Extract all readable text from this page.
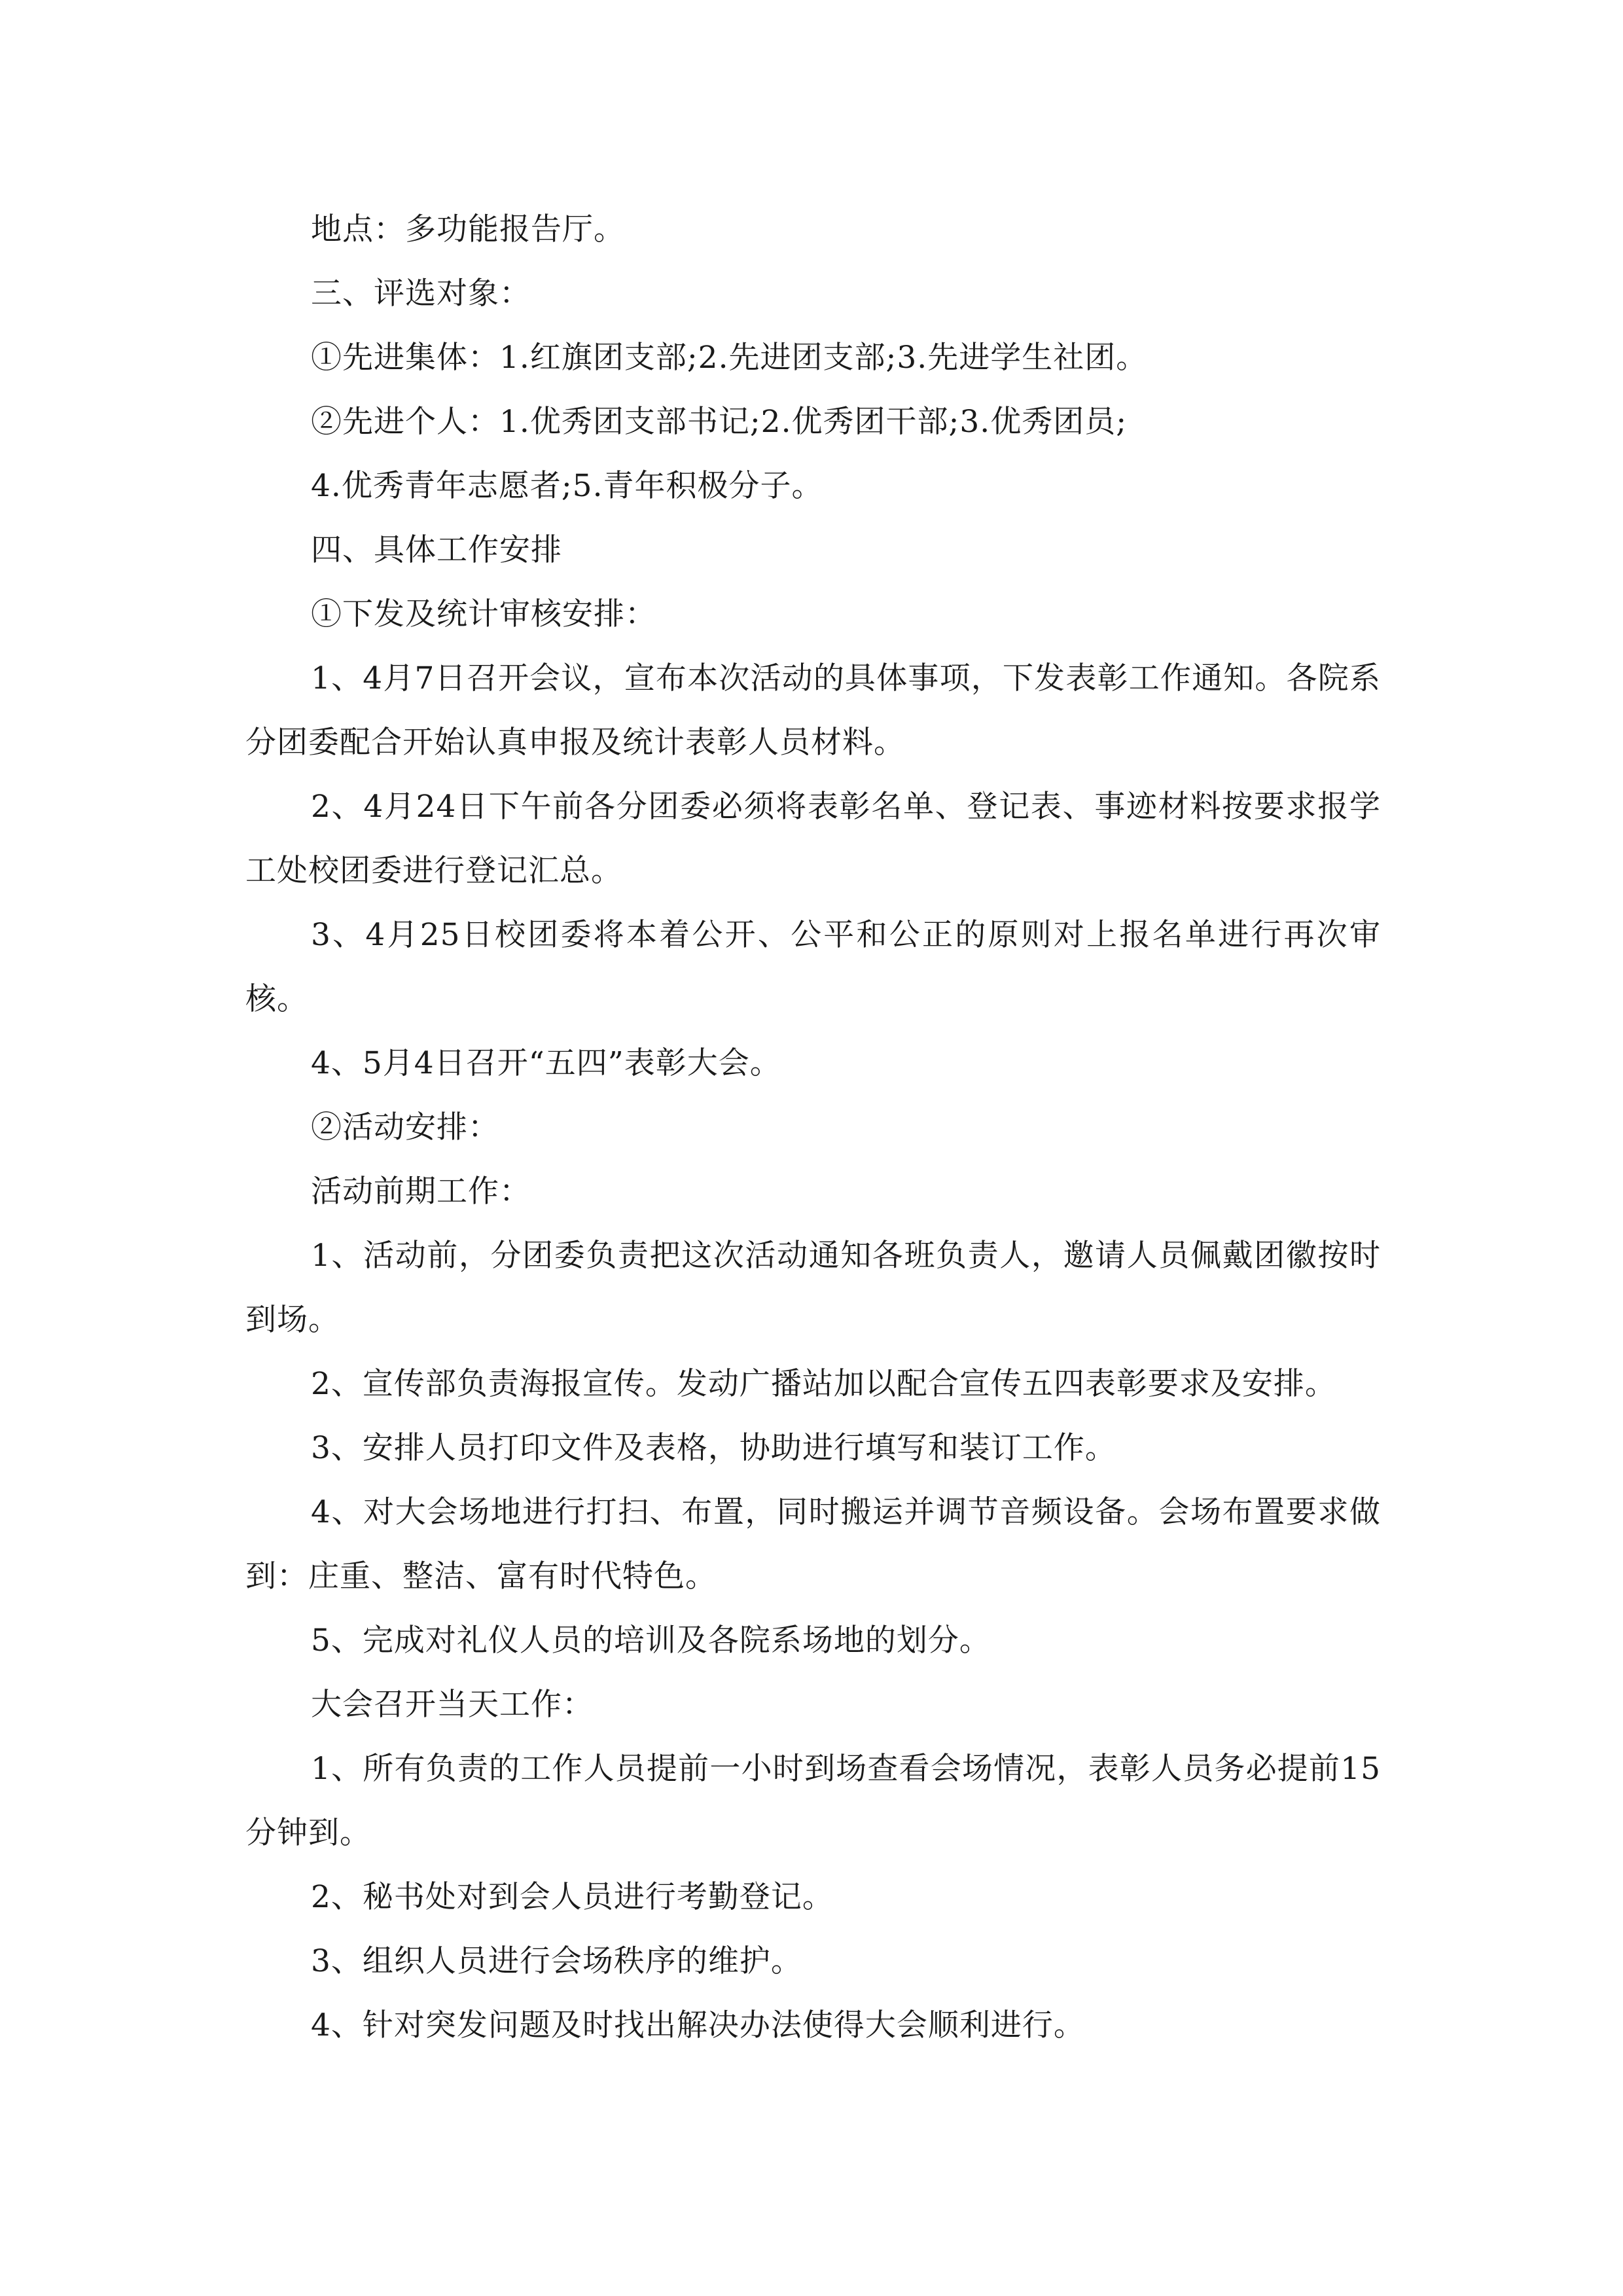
地点：多功能报告厅。

三、评选对象：

①先进集体：1.红旗团支部;2.先进团支部;3.先进学生社团。

②先进个人：1.优秀团支部书记;2.优秀团干部;3.优秀团员;

4.优秀青年志愿者;5.青年积极分子。

四、具体工作安排

①下发及统计审核安排：

1、4月7日召开会议，宣布本次活动的具体事项，下发表彰工作通知。各院系分团委配合开始认真申报及统计表彰人员材料。

2、4月24日下午前各分团委必须将表彰名单、登记表、事迹材料按要求报学工处校团委进行登记汇总。

3、4月25日校团委将本着公开、公平和公正的原则对上报名单进行再次审核。

4、5月4日召开“五四”表彰大会。

②活动安排：

活动前期工作：

1、活动前，分团委负责把这次活动通知各班负责人，邀请人员佩戴团徽按时到场。

2、宣传部负责海报宣传。发动广播站加以配合宣传五四表彰要求及安排。

3、安排人员打印文件及表格，协助进行填写和装订工作。

4、对大会场地进行打扫、布置，同时搬运并调节音频设备。会场布置要求做到：庄重、整洁、富有时代特色。

5、完成对礼仪人员的培训及各院系场地的划分。

大会召开当天工作：

1、所有负责的工作人员提前一小时到场查看会场情况，表彰人员务必提前15分钟到。

2、秘书处对到会人员进行考勤登记。

3、组织人员进行会场秩序的维护。

4、针对突发问题及时找出解决办法使得大会顺利进行。
